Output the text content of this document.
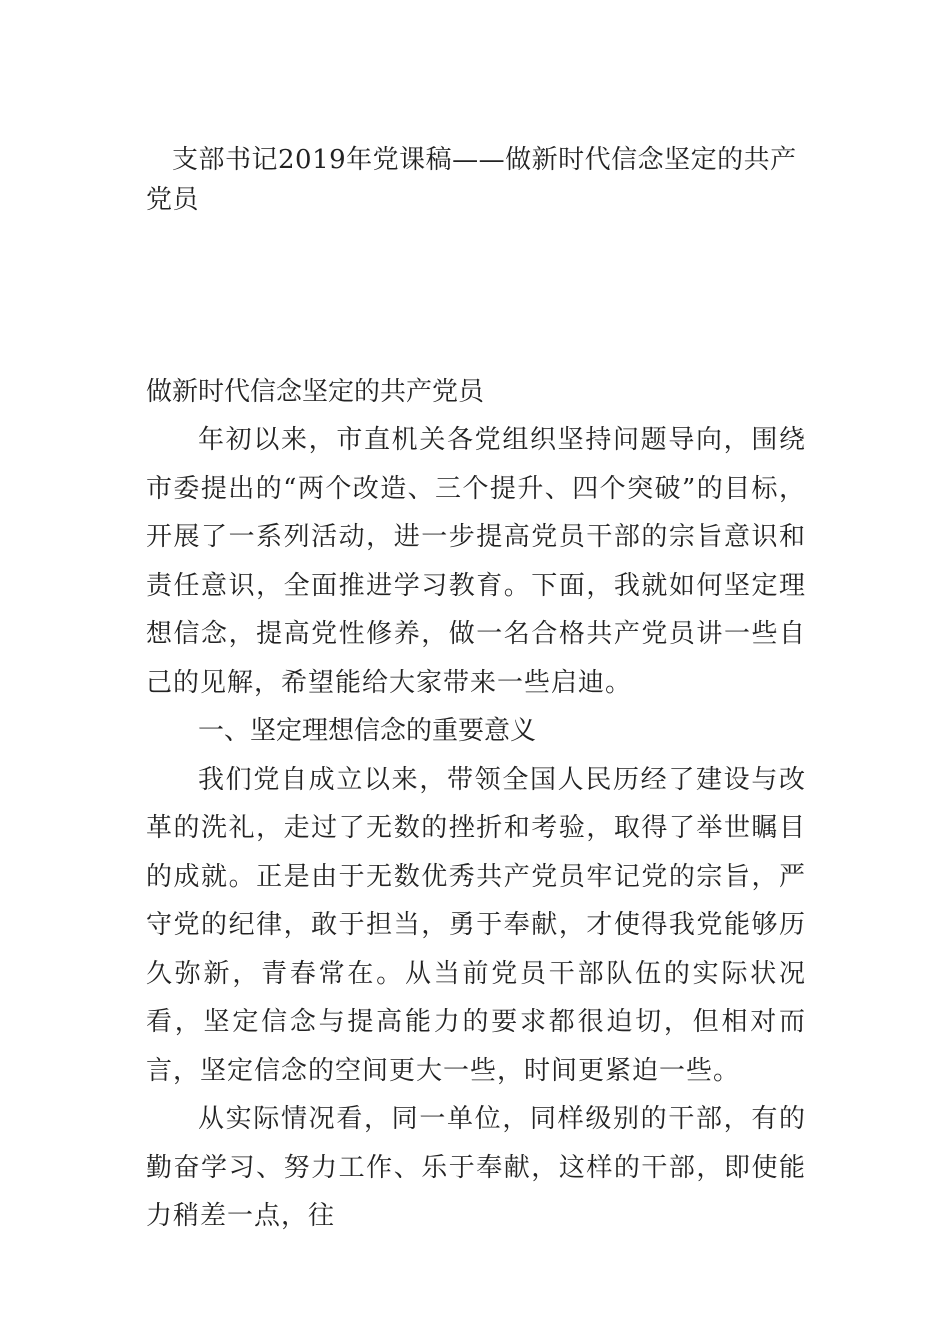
支部书记2019年党课稿——做新时代信念坚定的共产党员
做新时代信念坚定的共产党员

年初以来，市直机关各党组织坚持问题导向，围绕市委提出的“两个改造、三个提升、四个突破”的目标，开展了一系列活动，进一步提高党员干部的宗旨意识和责任意识，全面推进学习教育。下面，我就如何坚定理想信念，提高党性修养，做一名合格共产党员讲一些自己的见解，希望能给大家带来一些启迪。

一、坚定理想信念的重要意义

我们党自成立以来，带领全国人民历经了建设与改革的洗礼，走过了无数的挫折和考验，取得了举世瞩目的成就。正是由于无数优秀共产党员牢记党的宗旨，严守党的纪律，敢于担当，勇于奉献，才使得我党能够历久弥新，青春常在。从当前党员干部队伍的实际状况看，坚定信念与提高能力的要求都很迫切，但相对而言，坚定信念的空间更大一些，时间更紧迫一些。

从实际情况看，同一单位，同样级别的干部，有的勤奋学习、努力工作、乐于奉献，这样的干部，即使能力稍差一点，往
